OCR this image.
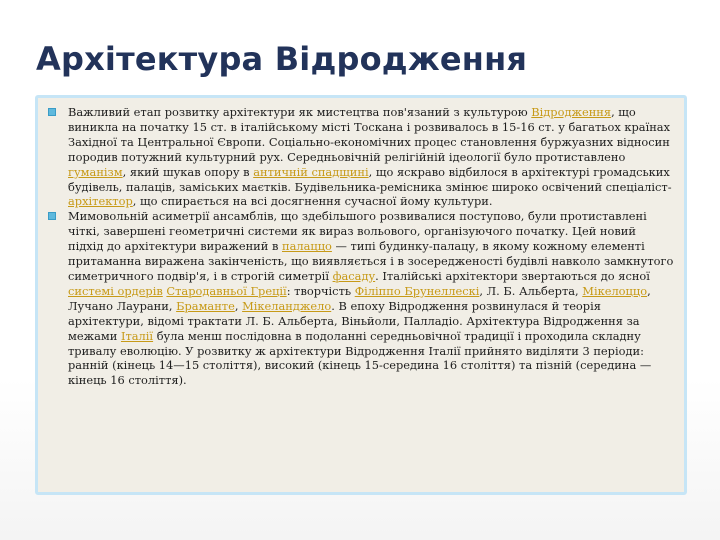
Архітектура Відродження
Важливий етап розвитку архітектури як мистецтва пов'язаний з культурою Відродження, що виникла на початку 15 ст. в італійському місті Тоскана і розвивалось в 15-16 ст. у багатьох країнах Західної та Центральної Європи. Соціально-економічних процес становлення буржуазних відносин породив потужний культурний рух. Середньовічній релігійній ідеології було протиставлено гуманізм, який шукав опору в античній спадщині, що яскраво відбилося в архітектурі громадських будівель, палаців, заміських маєтків. Будівельника-ремісника змінює широко освічений спеціаліст-архітектор, що спирається на всі досягнення сучасної йому культури.
Мимовольній асиметрії ансамблів, що здебільшого розвивалися поступово, були протиставлені чіткі, завершені геометричні системи як вираз вольового, організуючого початку. Цей новий підхід до архітектури виражений в палаццо — типі будинку-палацу, в якому кожному елементі притаманна виражена закінченість, що виявляється і в зосередженості будівлі навколо замкнутого симетричного подвір'я, і в строгій симетрії фасаду. Італійські архітектори звертаються до ясної системі ордерів Стародавньої Греції: творчість Філіппо Брунеллескі, Л. Б. Альберта, Мікелоццо, Лучано Лаурани, Браманте, Мікеланджело. В епоху Відродження розвинулася й теорія архітектури, відомі трактати Л. Б. Альберта, Віньйоли, Палладіо. Архітектура Відродження за межами Італії була менш послідовна в подоланні середньовічної традиції і проходила складну тривалу еволюцію. У розвитку ж архітектури Відродження Італії прийнято виділяти 3 періоди: ранній (кінець 14—15 століття), високий (кінець 15-середина 16 століття) та пізній (середина — кінець 16 століття).
